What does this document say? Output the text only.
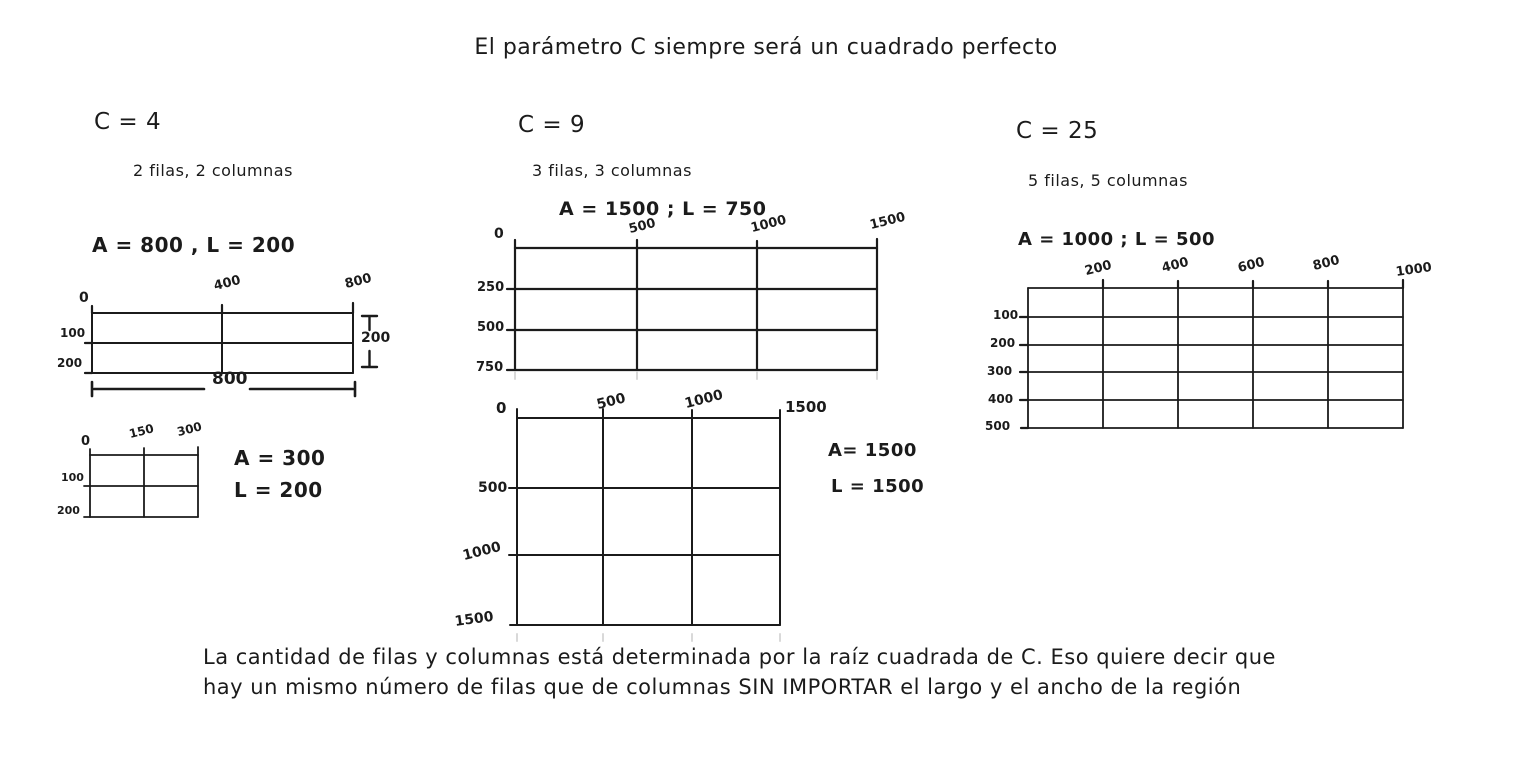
El parámetro C siempre será un cuadrado perfecto
C = 4
2 filas, 2 columnas
A = 800 , L = 200
0
400	800
100
200
200
800
0
150 300
100
200
A = 300
L = 200
C = 9
3 filas, 3 columnas
A = 1500 ; L = 750
0	500	1000	1500
250
500
750
0	500	1000	1500
500
1000
1500
A= 1500
L = 1500
C = 25
5 filas, 5 columnas
A = 1000 ; L = 500
200	400	600	800	1000
100
200
300
400
500
La cantidad de filas y columnas está determinada por la raíz cuadrada de C. Eso quiere decir que
hay un mismo número de filas que de columnas SIN IMPORTAR el largo y el ancho de la región
